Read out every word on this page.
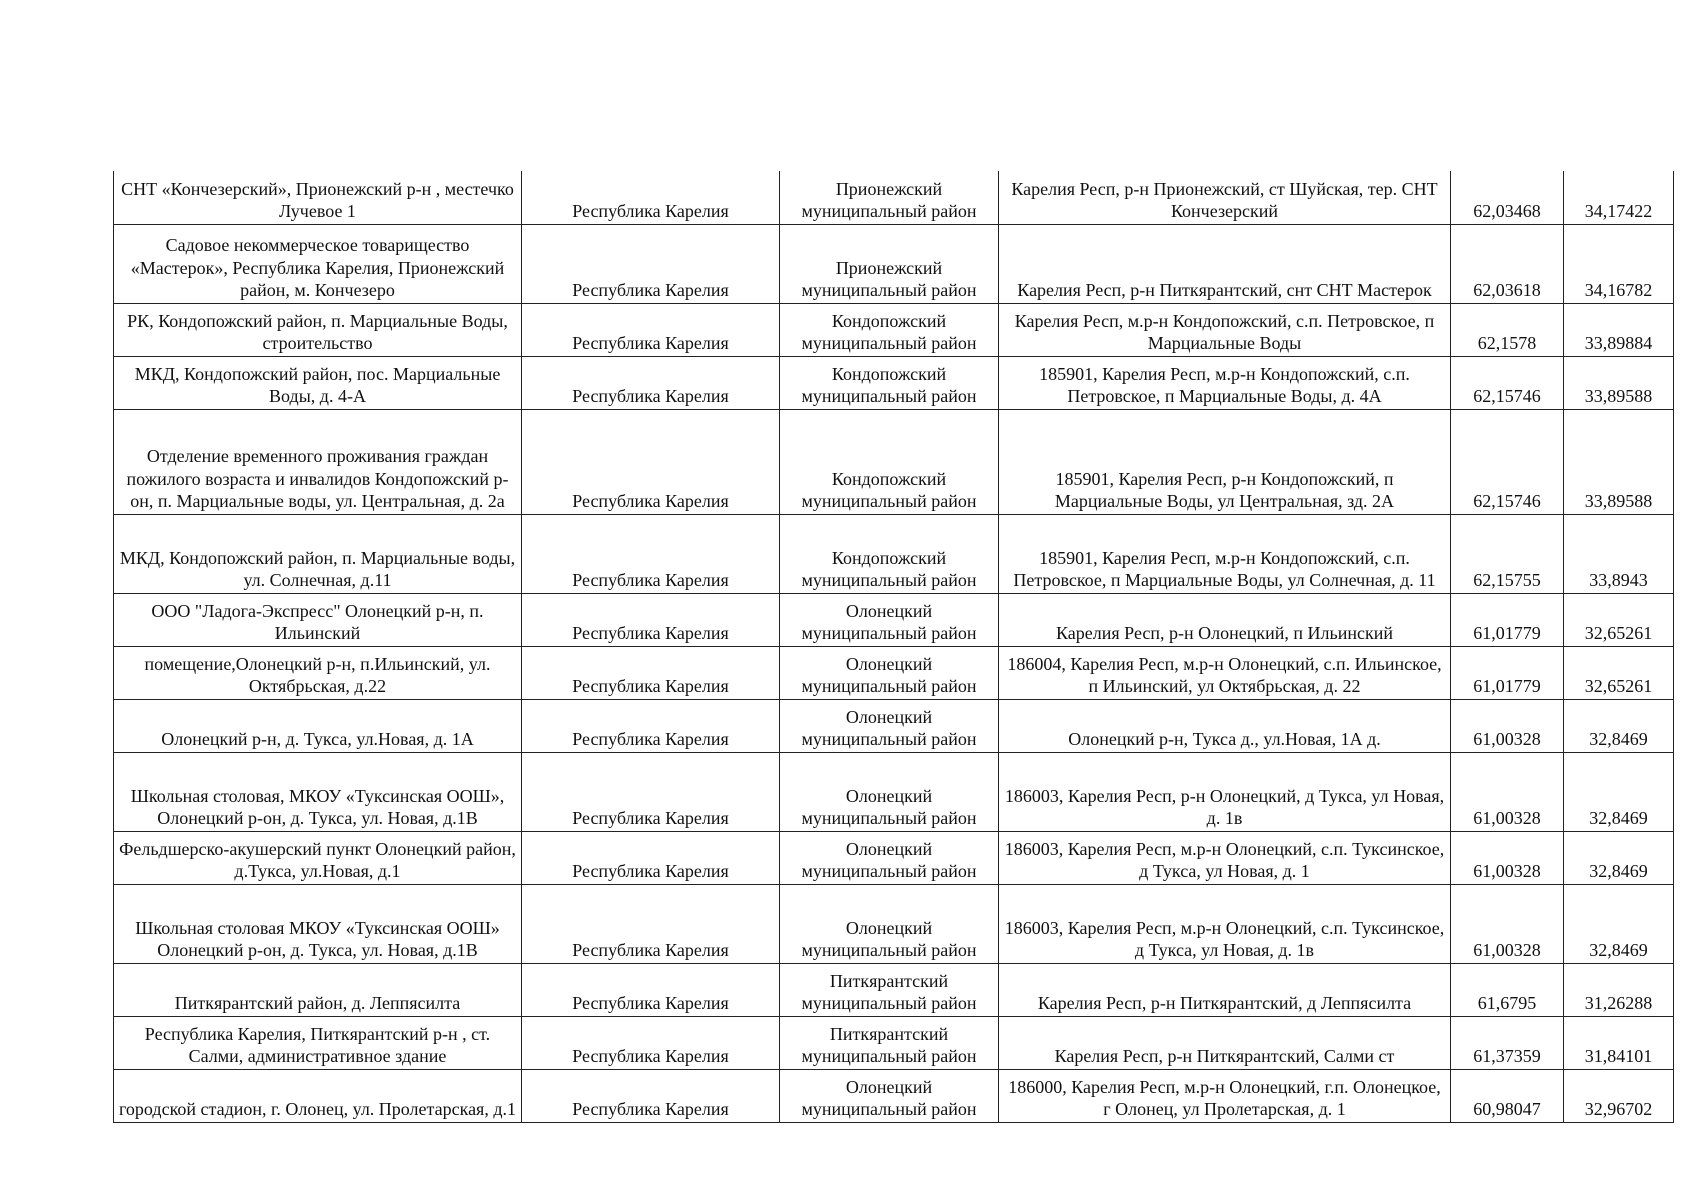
СНТ «Кончезерский», Прионежский р-н , местечко Лучевое 1	Республика Карелия	Прионежский муниципальный район	Карелия Респ, р-н Прионежский, ст Шуйская, тер. СНТ Кончезерский	62,03468	34,17422
Садовое некоммерческое товарищество «Мастерок», Республика Карелия, Прионежский район, м. Кончезеро	Республика Карелия	Прионежский муниципальный район	Карелия Респ, р-н Питкярантский, снт СНТ Мастерок	62,03618	34,16782
РК, Кондопожский район, п. Марциальные Воды, строительство	Республика Карелия	Кондопожский муниципальный район	Карелия Респ, м.р-н Кондопожский, с.п. Петровское, п Марциальные Воды	62,1578	33,89884
МКД, Кондопожский район, пос. Марциальные Воды, д. 4-А	Республика Карелия	Кондопожский муниципальный район	185901, Карелия Респ, м.р-н Кондопожский, с.п. Петровское, п Марциальные Воды, д. 4А	62,15746	33,89588
Отделение временного проживания граждан пожилого возраста и инвалидов Кондопожский р-он, п. Марциальные воды, ул. Центральная, д. 2а	Республика Карелия	Кондопожский муниципальный район	185901, Карелия Респ, р-н Кондопожский, п Марциальные Воды, ул Центральная, зд. 2А	62,15746	33,89588
МКД, Кондопожский район, п. Марциальные воды, ул. Солнечная, д.11	Республика Карелия	Кондопожский муниципальный район	185901, Карелия Респ, м.р-н Кондопожский, с.п. Петровское, п Марциальные Воды, ул Солнечная, д. 11	62,15755	33,8943
ООО "Ладога-Экспресс" Олонецкий р-н, п. Ильинский	Республика Карелия	Олонецкий муниципальный район	Карелия Респ, р-н Олонецкий, п Ильинский	61,01779	32,65261
помещение,Олонецкий р-н, п.Ильинский, ул. Октябрьская, д.22	Республика Карелия	Олонецкий муниципальный район	186004, Карелия Респ, м.р-н Олонецкий, с.п. Ильинское, п Ильинский, ул Октябрьская, д. 22	61,01779	32,65261
Олонецкий р-н, д. Тукса, ул.Новая, д. 1А	Республика Карелия	Олонецкий муниципальный район	Олонецкий р-н, Тукса д., ул.Новая, 1А д.	61,00328	32,8469
Школьная столовая, МКОУ «Туксинская ООШ», Олонецкий р-он, д. Тукса, ул. Новая, д.1В	Республика Карелия	Олонецкий муниципальный район	186003, Карелия Респ, р-н Олонецкий, д Тукса, ул Новая, д. 1в	61,00328	32,8469
Фельдшерско-акушерский пункт Олонецкий район, д.Тукса, ул.Новая, д.1	Республика Карелия	Олонецкий муниципальный район	186003, Карелия Респ, м.р-н Олонецкий, с.п. Туксинское, д Тукса, ул Новая, д. 1	61,00328	32,8469
Школьная столовая МКОУ «Туксинская ООШ» Олонецкий р-он, д. Тукса, ул. Новая, д.1В	Республика Карелия	Олонецкий муниципальный район	186003, Карелия Респ, м.р-н Олонецкий, с.п. Туксинское, д Тукса, ул Новая, д. 1в	61,00328	32,8469
Питкярантский район, д. Леппясилта	Республика Карелия	Питкярантский муниципальный район	Карелия Респ, р-н Питкярантский, д Леппясилта	61,6795	31,26288
Республика Карелия, Питкярантский р-н , ст. Салми, административное здание	Республика Карелия	Питкярантский муниципальный район	Карелия Респ, р-н Питкярантский, Салми ст	61,37359	31,84101
городской стадион, г. Олонец, ул. Пролетарская, д.1	Республика Карелия	Олонецкий муниципальный район	186000, Карелия Респ, м.р-н Олонецкий, г.п. Олонецкое, г Олонец, ул Пролетарская, д. 1	60,98047	32,96702
